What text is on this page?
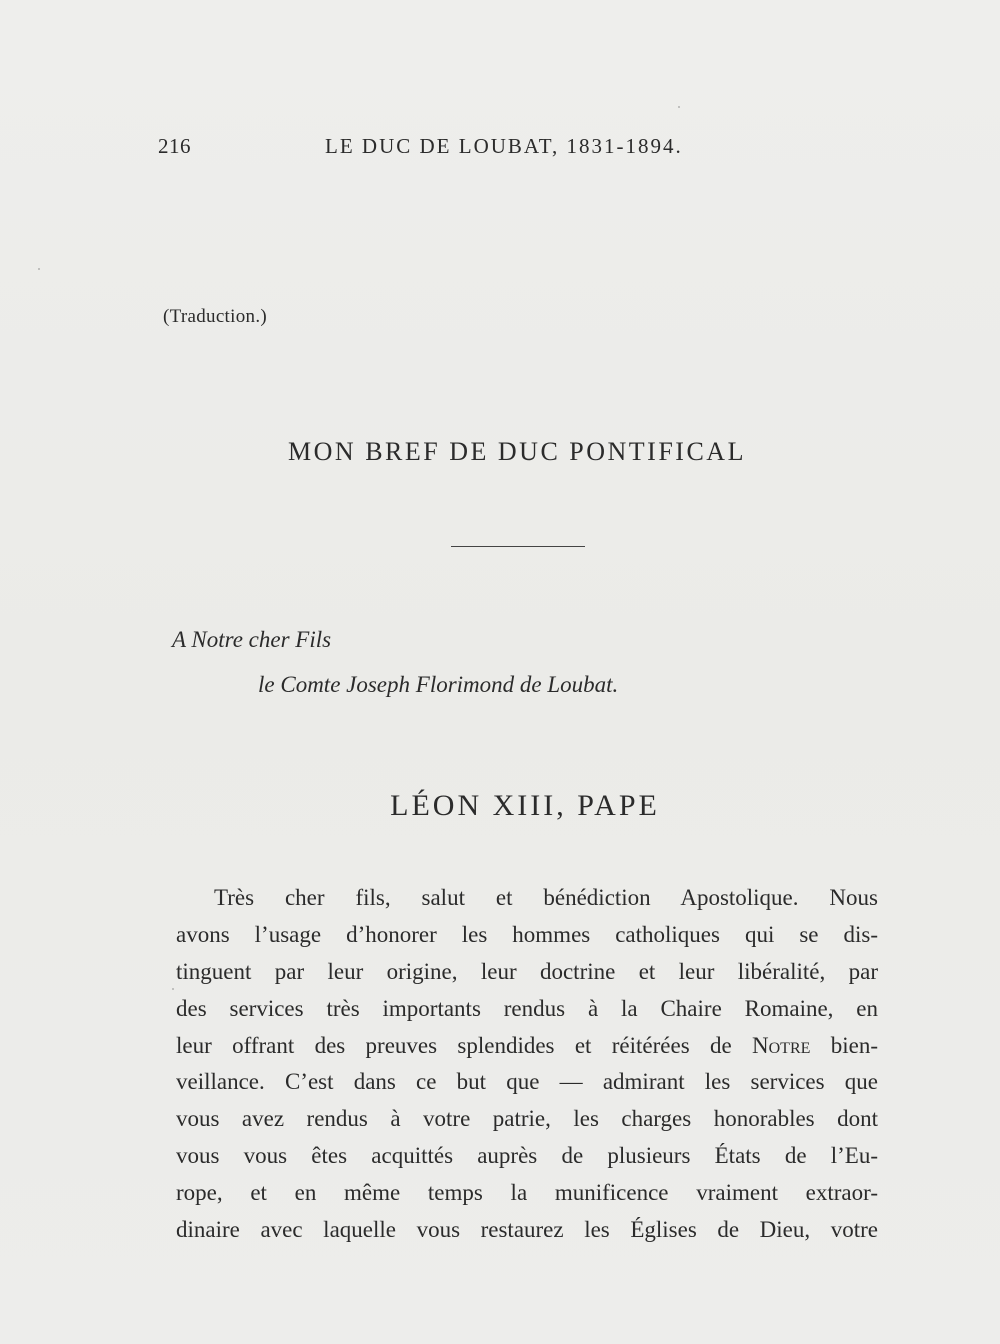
216	LE DUC DE LOUBAT, 1831-1894.
(Traduction.)
MON BREF DE DUC PONTIFICAL
A Notre cher Fils
le Comte Joseph Florimond de Loubat.
LÉON XIII, PAPE
Très cher fils, salut et bénédiction Apostolique. Nous
avons l’usage d’honorer les hommes catholiques qui se dis-
tinguent par leur origine, leur doctrine et leur libéralité, par
des services très importants rendus à la Chaire Romaine, en
leur offrant des preuves splendides et réitérées de Notre bien-
veillance. C’est dans ce but que — admirant les services que
vous avez rendus à votre patrie, les charges honorables dont
vous vous êtes acquittés auprès de plusieurs États de l’Eu-
rope, et en même temps la munificence vraiment extraor-
dinaire avec laquelle vous restaurez les Églises de Dieu, votre
